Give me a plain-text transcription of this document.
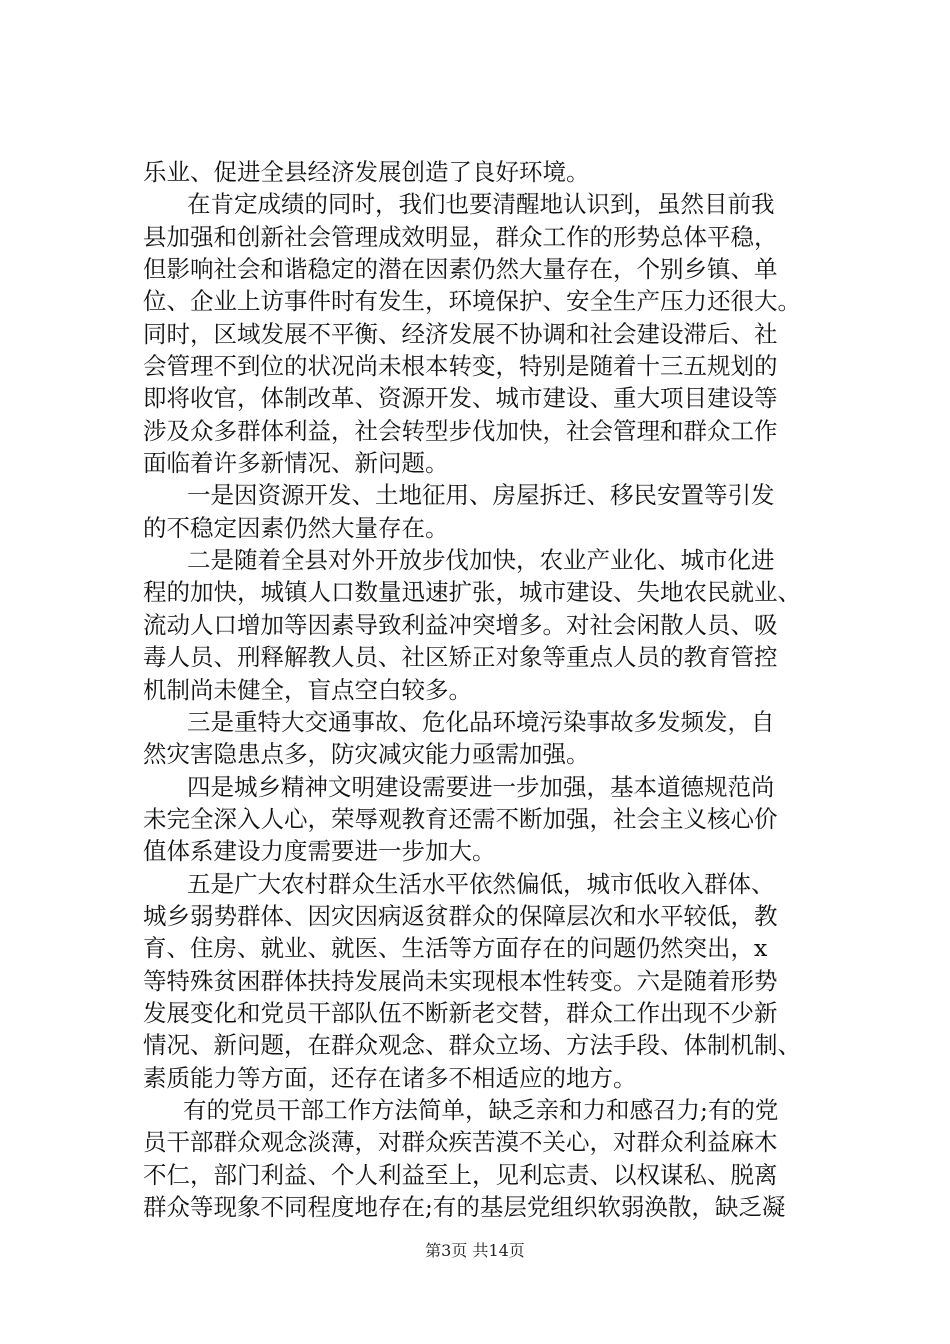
乐业、促进全县经济发展创造了良好环境。
在肯定成绩的同时，我们也要清醒地认识到，虽然目前我
县加强和创新社会管理成效明显，群众工作的形势总体平稳，
但影响社会和谐稳定的潜在因素仍然大量存在，个别乡镇、单
位、企业上访事件时有发生，环境保护、安全生产压力还很大。
同时，区域发展不平衡、经济发展不协调和社会建设滞后、社
会管理不到位的状况尚未根本转变，特别是随着十三五规划的
即将收官，体制改革、资源开发、城市建设、重大项目建设等
涉及众多群体利益，社会转型步伐加快，社会管理和群众工作
面临着许多新情况、新问题。
一是因资源开发、土地征用、房屋拆迁、移民安置等引发
的不稳定因素仍然大量存在。
二是随着全县对外开放步伐加快，农业产业化、城市化进
程的加快，城镇人口数量迅速扩张，城市建设、失地农民就业、
流动人口增加等因素导致利益冲突增多。对社会闲散人员、吸
毒人员、刑释解教人员、社区矫正对象等重点人员的教育管控
机制尚未健全，盲点空白较多。
三是重特大交通事故、危化品环境污染事故多发频发，自
然灾害隐患点多，防灾减灾能力亟需加强。
四是城乡精神文明建设需要进一步加强，基本道德规范尚
未完全深入人心，荣辱观教育还需不断加强，社会主义核心价
值体系建设力度需要进一步加大。
五是广大农村群众生活水平依然偏低，城市低收入群体、
城乡弱势群体、因灾因病返贫群众的保障层次和水平较低，教
育、住房、就业、就医、生活等方面存在的问题仍然突出，x
等特殊贫困群体扶持发展尚未实现根本性转变。六是随着形势
发展变化和党员干部队伍不断新老交替，群众工作出现不少新
情况、新问题，在群众观念、群众立场、方法手段、体制机制、
素质能力等方面，还存在诸多不相适应的地方。
有的党员干部工作方法简单，缺乏亲和力和感召力;有的党
员干部群众观念淡薄，对群众疾苦漠不关心，对群众利益麻木
不仁，部门利益、个人利益至上，见利忘责、以权谋私、脱离
群众等现象不同程度地存在;有的基层党组织软弱涣散，缺乏凝
第3页 共14页
